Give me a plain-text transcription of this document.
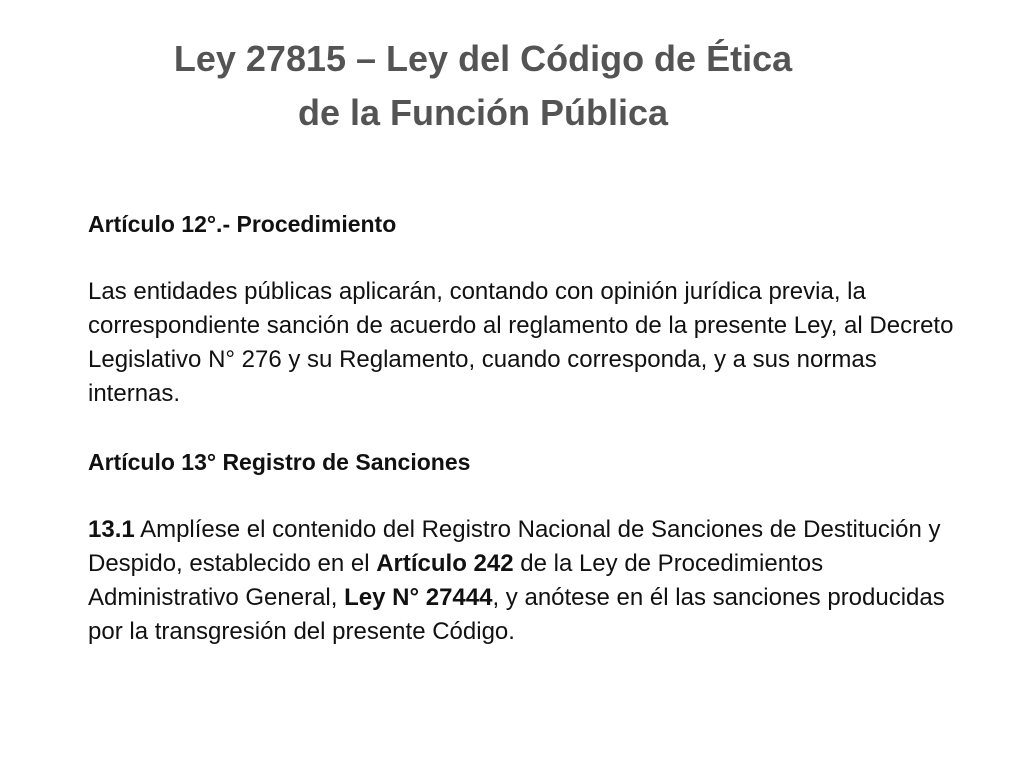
Ley 27815 – Ley del Código de Ética
de la Función Pública

Artículo 12°.- Procedimiento

Las entidades públicas aplicarán, contando con opinión jurídica previa, la correspondiente sanción de acuerdo al reglamento de la presente Ley, al Decreto Legislativo N° 276 y su Reglamento, cuando corresponda, y a sus normas internas.

Artículo 13° Registro de Sanciones

13.1 Amplíese el contenido del Registro Nacional de Sanciones de Destitución y Despido, establecido en el Artículo 242 de la Ley de Procedimientos Administrativo General, Ley N° 27444, y anótese en él las sanciones producidas por la transgresión del presente Código.
